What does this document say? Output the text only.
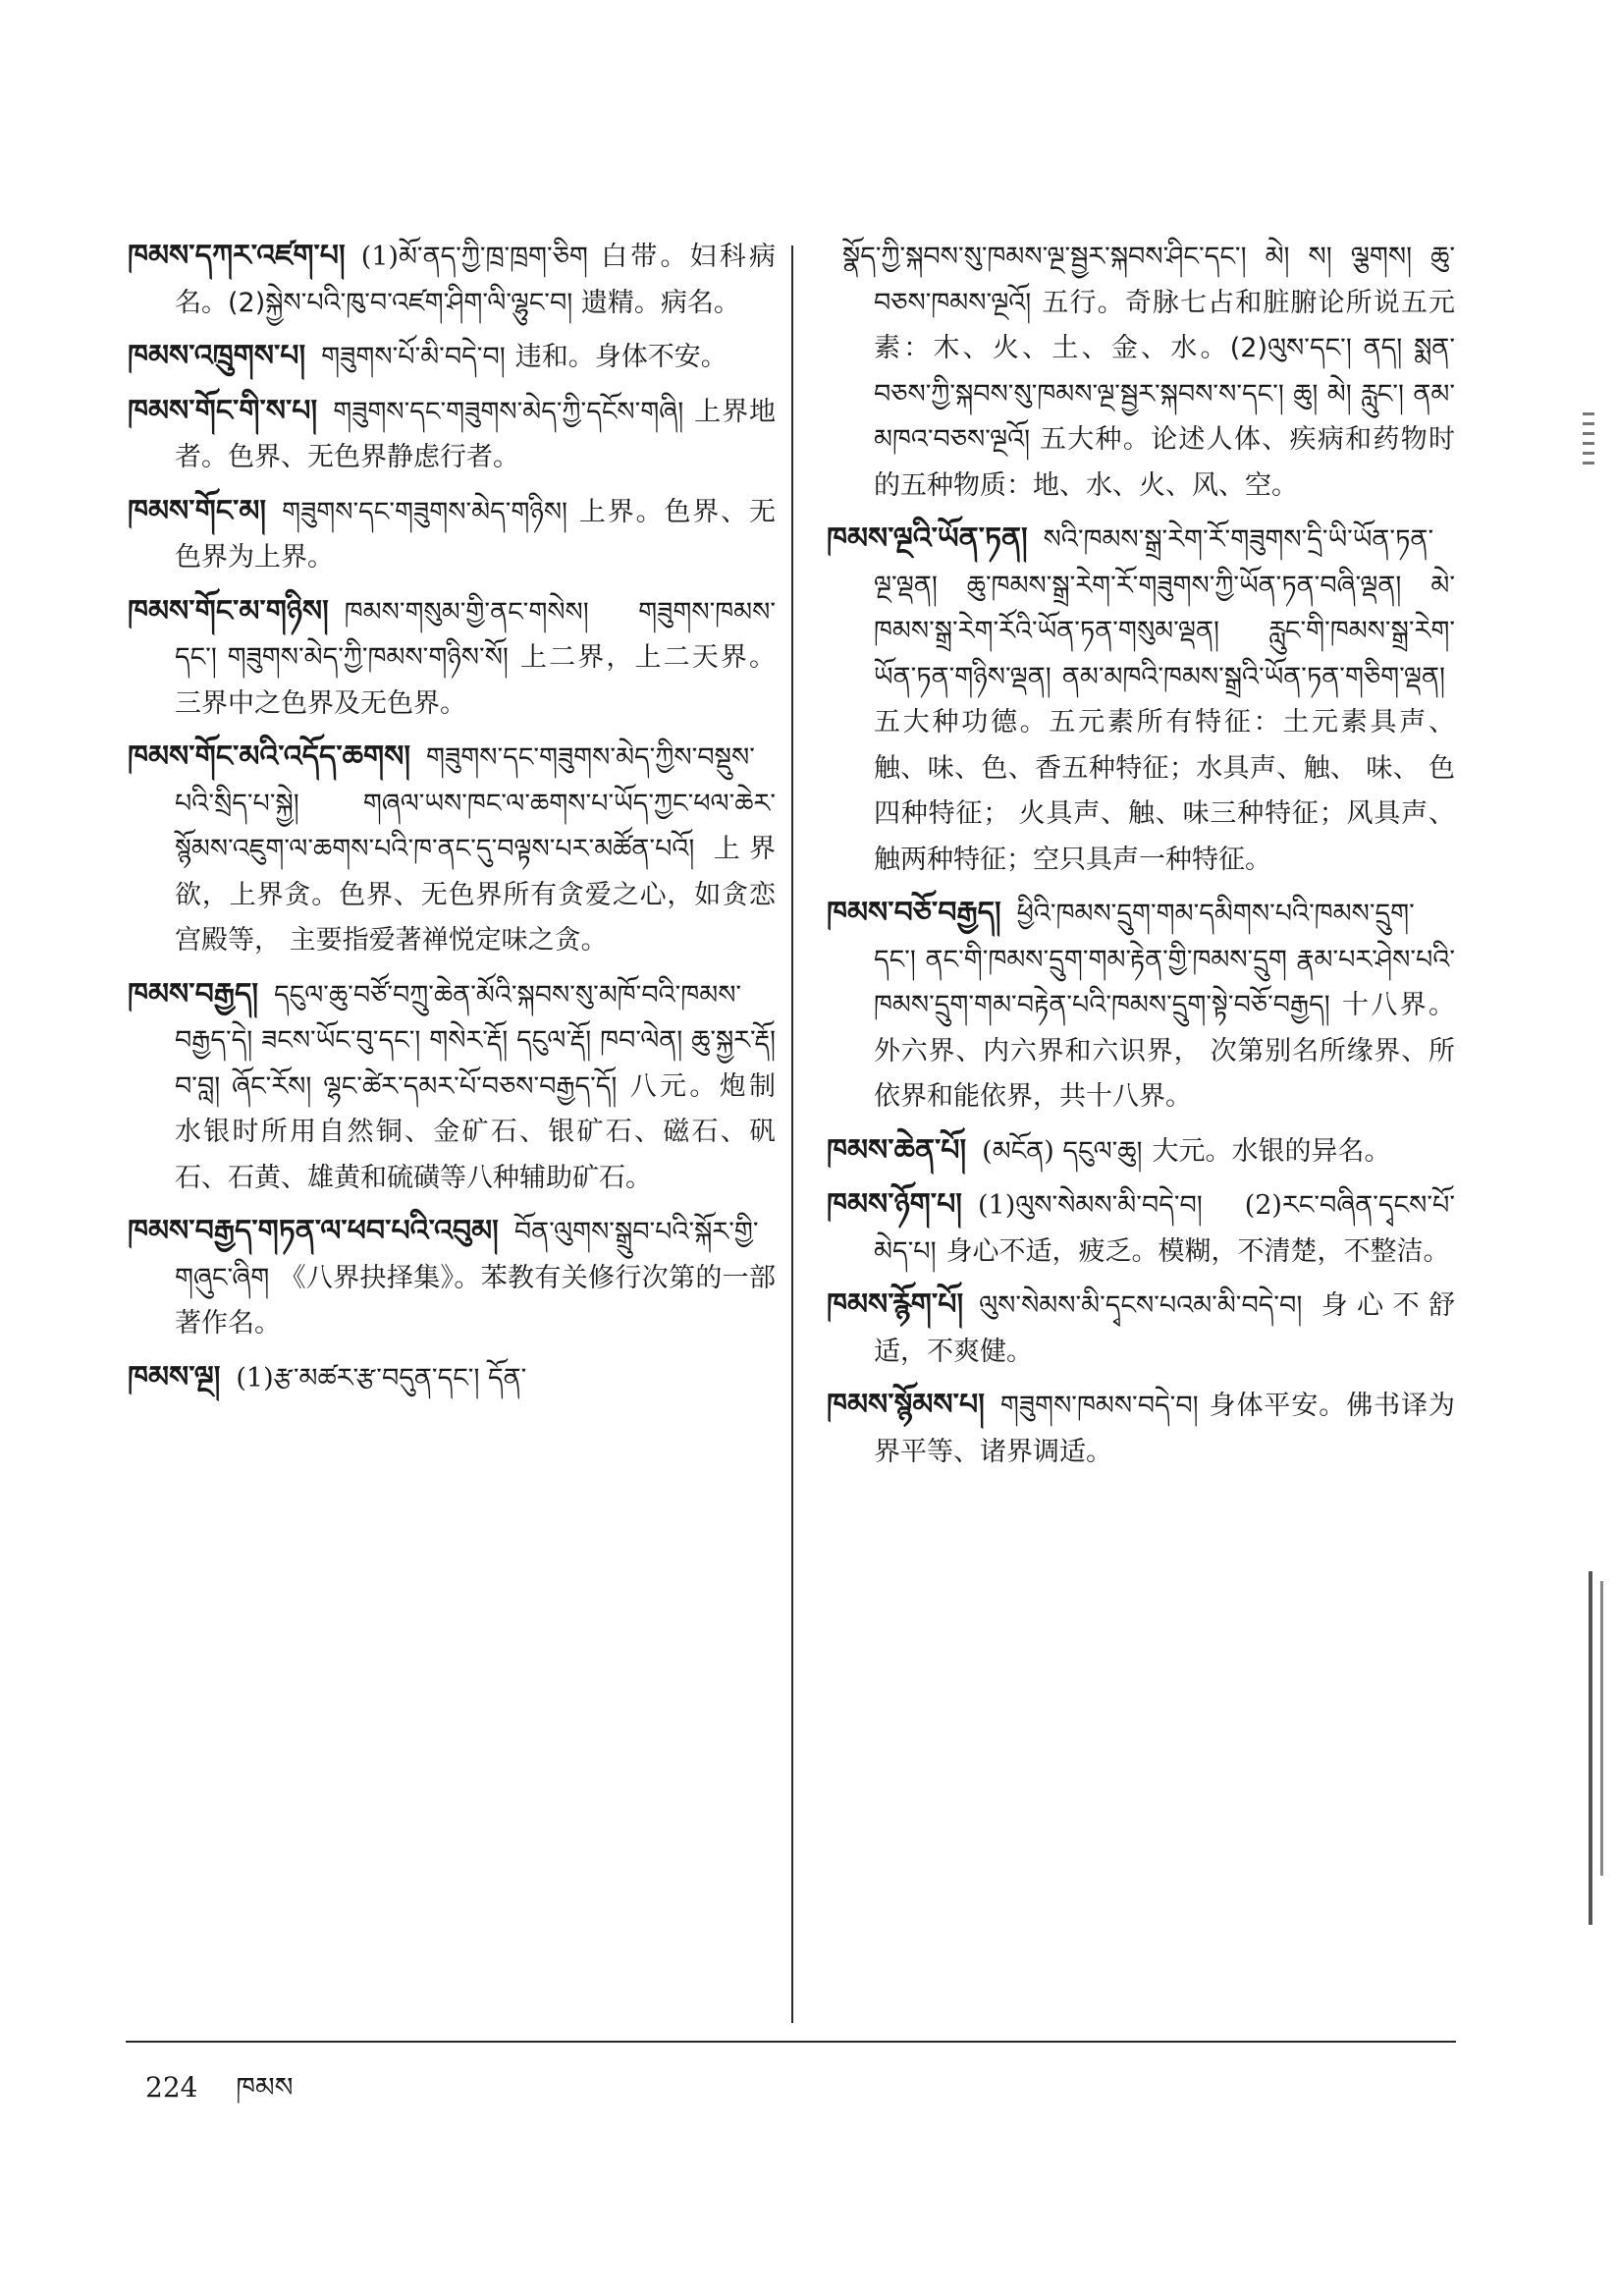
ཁམས་དཀར་འཛག་པ། (1)མོ་ནད་ཀྱི་ཁྲ་ཁྲག་ཅིག 白带。妇科病名。(2)སྐྱེས་པའི་ཁུ་བ་འཛག་ཤིག་ལི་ལྷུང་བ། 遗精。病名。

ཁམས་འཁྲུགས་པ། གཟུགས་པོ་མི་བདེ་བ། 违和。身体不安。

ཁམས་གོང་གི་ས་པ། གཟུགས་དང་གཟུགས་མེད་ཀྱི་དངོས་གཞི། 上界地者。色界、无色界静虑行者。

ཁམས་གོང་མ། གཟུགས་དང་གཟུགས་མེད་གཉིས། 上界。色界、无色界为上界。

ཁམས་གོང་མ་གཉིས། ཁམས་གསུམ་གྱི་ནང་གསེས། གཟུགས་ཁམས་དང་། གཟུགས་མེད་ཀྱི་ཁམས་གཉིས་སོ། 上二界，上二天界。三界中之色界及无色界。

ཁམས་གོང་མའི་འདོད་ཆགས། གཟུགས་དང་གཟུགས་མེད་ཀྱིས་བསྡུས་པའི་སྲིད་པ་སྐྱེ། གཞལ་ཡས་ཁང་ལ་ཆགས་པ་ཡོད་ཀྱང་ཕལ་ཆེར་སྙོམས་འཇུག་ལ་ཆགས་པའི་ཁ་ནང་དུ་བལྟས་པར་མཚོན་པའོ། 上界欲，上界贪。色界、无色界所有贪爱之心，如贪恋宫殿等， 主要指爱著禅悦定味之贪。

ཁམས་བརྒྱད། དངུལ་ཆུ་བཙོ་བཀྲུ་ཆེན་མོའི་སྐབས་སུ་མཁོ་བའི་ཁམས་བརྒྱད་དེ། ཟངས་ཡོང་བུ་དང་། གསེར་རྡོ། དངུལ་རྡོ། ཁབ་ལེན། ཆུ་སྐྱར་རྡོ། བ་བླ། ཞོང་རོས། ལྷང་ཚེར་དམར་པོ་བཅས་བརྒྱད་དོ། 八元。炮制水银时所用自然铜、金矿石、银矿石、磁石、矾石、石黄、雄黄和硫磺等八种辅助矿石。

ཁམས་བརྒྱད་གཏན་ལ་ཕབ་པའི་འབུམ། བོན་ལུགས་སྒྲུབ་པའི་སྐོར་གྱི་གཞུང་ཞིག 《八界抉择集》。苯教有关修行次第的一部著作名。

ཁམས་ལྔ། (1)རྩ་མཚར་རྩ་བདུན་དང་། དོན་

སྣོད་ཀྱི་སྐབས་སུ་ཁམས་ལྔ་སྦྱར་སྐབས་ཤིང་དང་། མེ། ས། ལྕགས། ཆུ་བཅས་ཁམས་ལྔའོ། 五行。奇脉七占和脏腑论所说五元素：木、火、土、金、水。(2)ལུས་དང་། ནད། སྨན་བཅས་ཀྱི་སྐབས་སུ་ཁམས་ལྔ་སྦྱར་སྐབས་ས་དང་། ཆུ། མེ། རླུང་། ནམ་མཁའ་བཅས་ལྔའོ། 五大种。论述人体、疾病和药物时的五种物质：地、水、火、风、空。

ཁམས་ལྔའི་ཡོན་ཏན། སའི་ཁམས་སྒྲ་རེག་རོ་གཟུགས་དྲི་ཡི་ཡོན་ཏན་ལྔ་ལྡན། ཆུ་ཁམས་སྒྲ་རེག་རོ་གཟུགས་ཀྱི་ཡོན་ཏན་བཞི་ལྡན། མེ་ཁམས་སྒྲ་རེག་རོའི་ཡོན་ཏན་གསུམ་ལྡན། རླུང་གི་ཁམས་སྒྲ་རེག་ཡོན་ཏན་གཉིས་ལྡན། ནམ་མཁའི་ཁམས་སྒྲའི་ཡོན་ཏན་གཅིག་ལྡན།五大种功德。五元素所有特征：土元素具声、触、味、色、香五种特征；水具声、触、 味、 色四种特征； 火具声、触、味三种特征；风具声、 触两种特征；空只具声一种特征。

ཁམས་བཅོ་བརྒྱད། ཕྱིའི་ཁམས་དྲུག་གམ་དམིགས་པའི་ཁམས་དྲུག་དང་། ནང་གི་ཁམས་དྲུག་གམ་རྟེན་གྱི་ཁམས་དྲུག རྣམ་པར་ཤེས་པའི་ཁམས་དྲུག་གམ་བརྟེན་པའི་ཁམས་དྲུག་སྟེ་བཅོ་བརྒྱད། 十八界。外六界、内六界和六识界， 次第别名所缘界、所依界和能依界，共十八界。

ཁམས་ཆེན་པོ། (མངོན) དངུལ་ཆུ། 大元。水银的异名。

ཁམས་ཉོག་པ། (1)ལུས་སེམས་མི་བདེ་བ། (2)རང་བཞིན་དྭངས་པོ་མེད་པ། 身心不适，疲乏。模糊，不清楚，不整洁。

ཁམས་རྙོག་པོ། ལུས་སེམས་མི་དྭངས་པའམ་མི་བདེ་བ། 身心不舒适，不爽健。

ཁམས་སྙོམས་པ། གཟུགས་ཁམས་བདེ་བ། 身体平安。佛书译为界平等、诸界调适。

224 ཁམས
